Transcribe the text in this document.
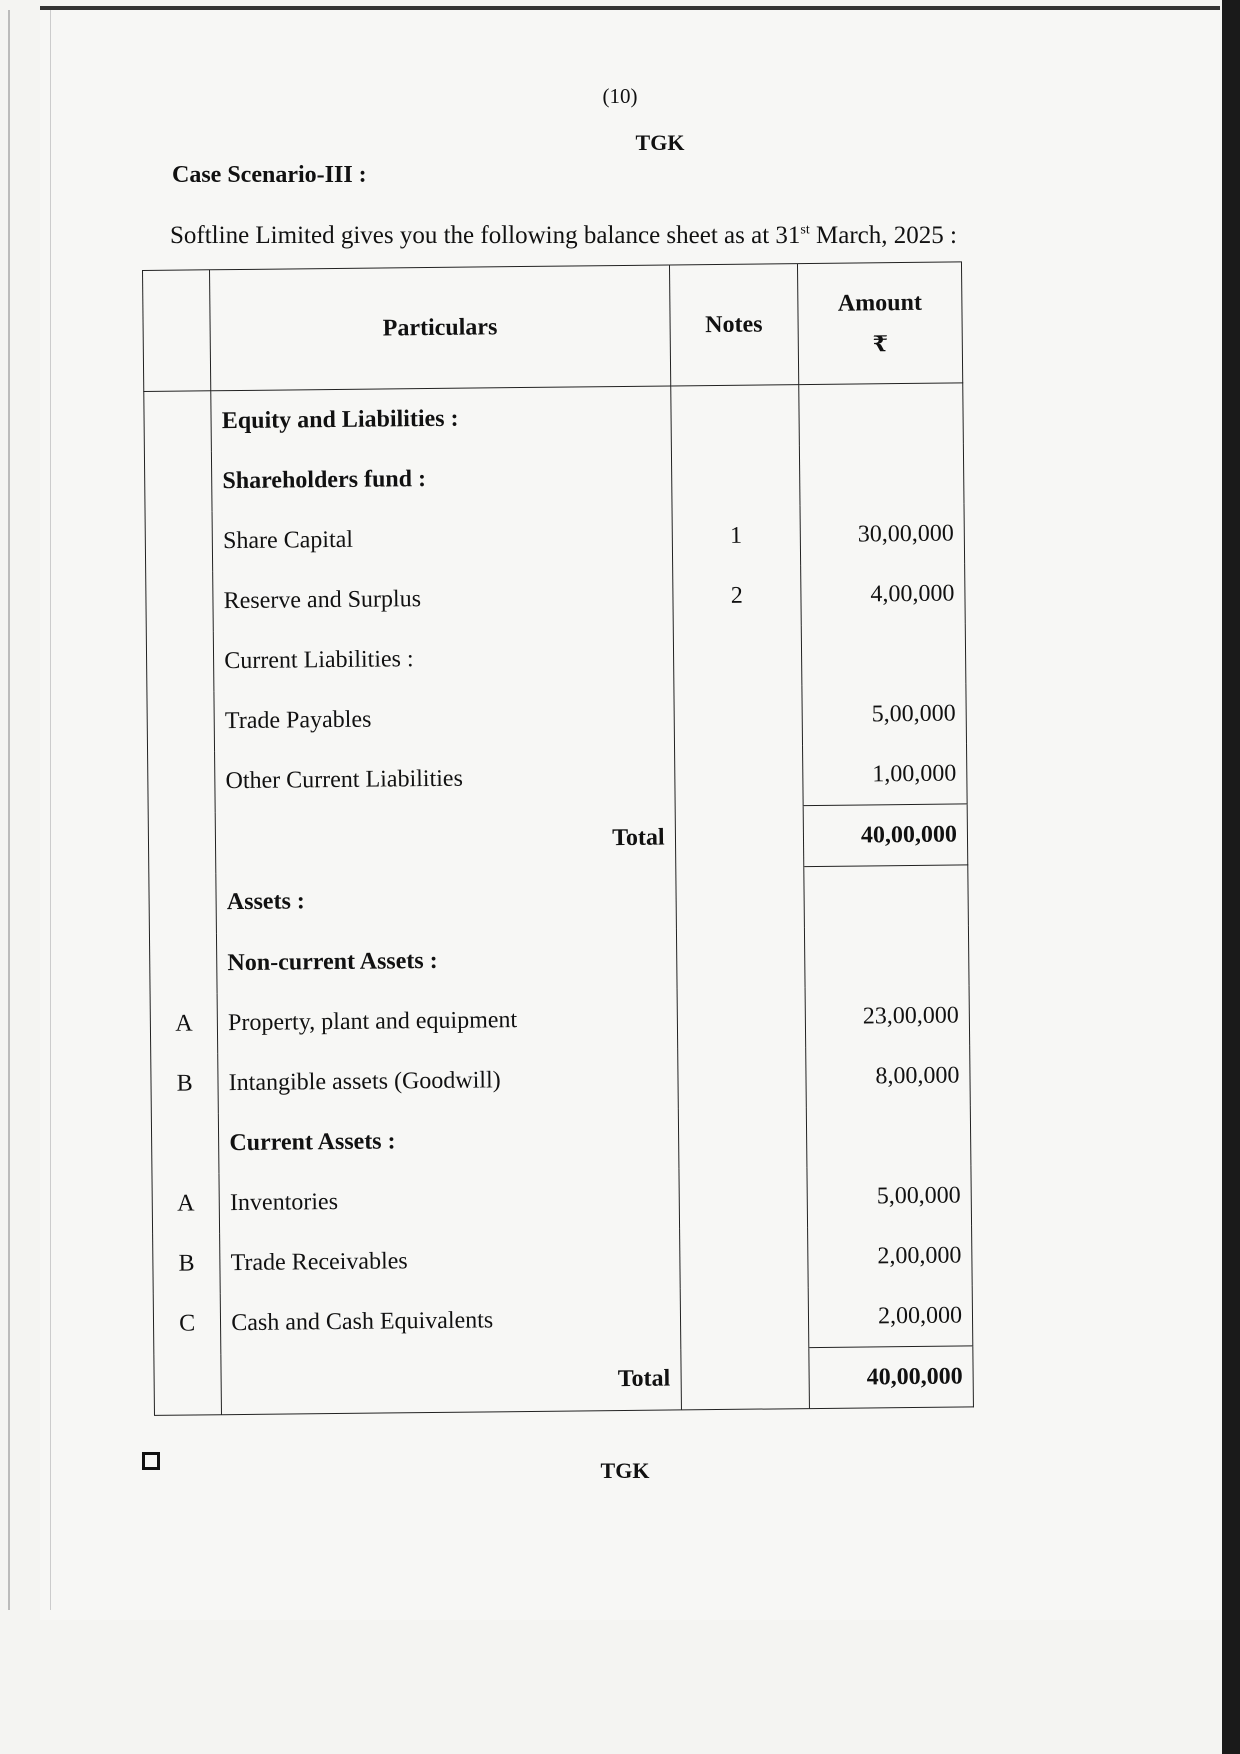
(10)
TGK
Case Scenario-III :
Softline Limited gives you the following balance sheet as at 31st March, 2025 :
	Particulars	Notes	Amount
₹

	Equity and Liabilities :		
	Shareholders fund :		
	Share Capital	1	30,00,000
	Reserve and Surplus	2	4,00,000
	Current Liabilities :		
	Trade Payables		5,00,000
	Other Current Liabilities		1,00,000
	Total		40,00,000
	Assets :		
	Non-current Assets :		
A	Property, plant and equipment		23,00,000
B	Intangible assets (Goodwill)		8,00,000
	Current Assets :		
A	Inventories		5,00,000
B	Trade Receivables		2,00,000
C	Cash and Cash Equivalents		2,00,000
	Total		40,00,000
TGK
